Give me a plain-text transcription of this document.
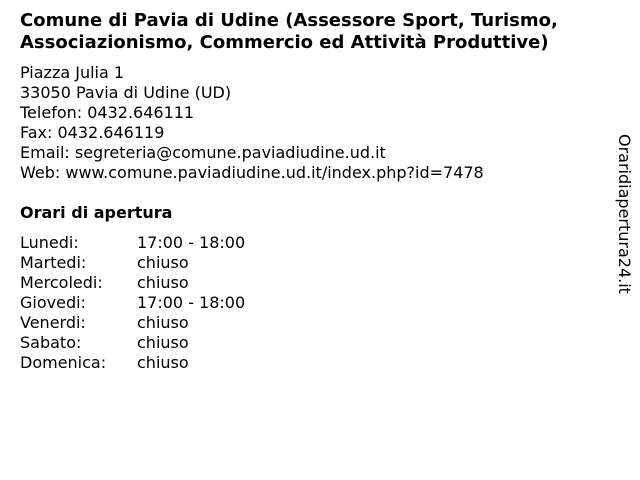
Comune di Pavia di Udine (Assessore Sport, Turismo,
Associazionismo, Commercio ed Attività Produttive)
Piazza Julia 1
33050 Pavia di Udine (UD)
Telefon: 0432.646111
Fax: 0432.646119
Email: segreteria@comune.paviadiudine.ud.it
Web: www.comune.paviadiudine.ud.it/index.php?id=7478
Orari di apertura
Lunedi:	17:00 - 18:00
Martedi:	chiuso
Mercoledi:	chiuso
Giovedi:	17:00 - 18:00
Venerdi:	chiuso
Sabato:	chiuso
Domenica:	chiuso
Oraridiapertura24.it
